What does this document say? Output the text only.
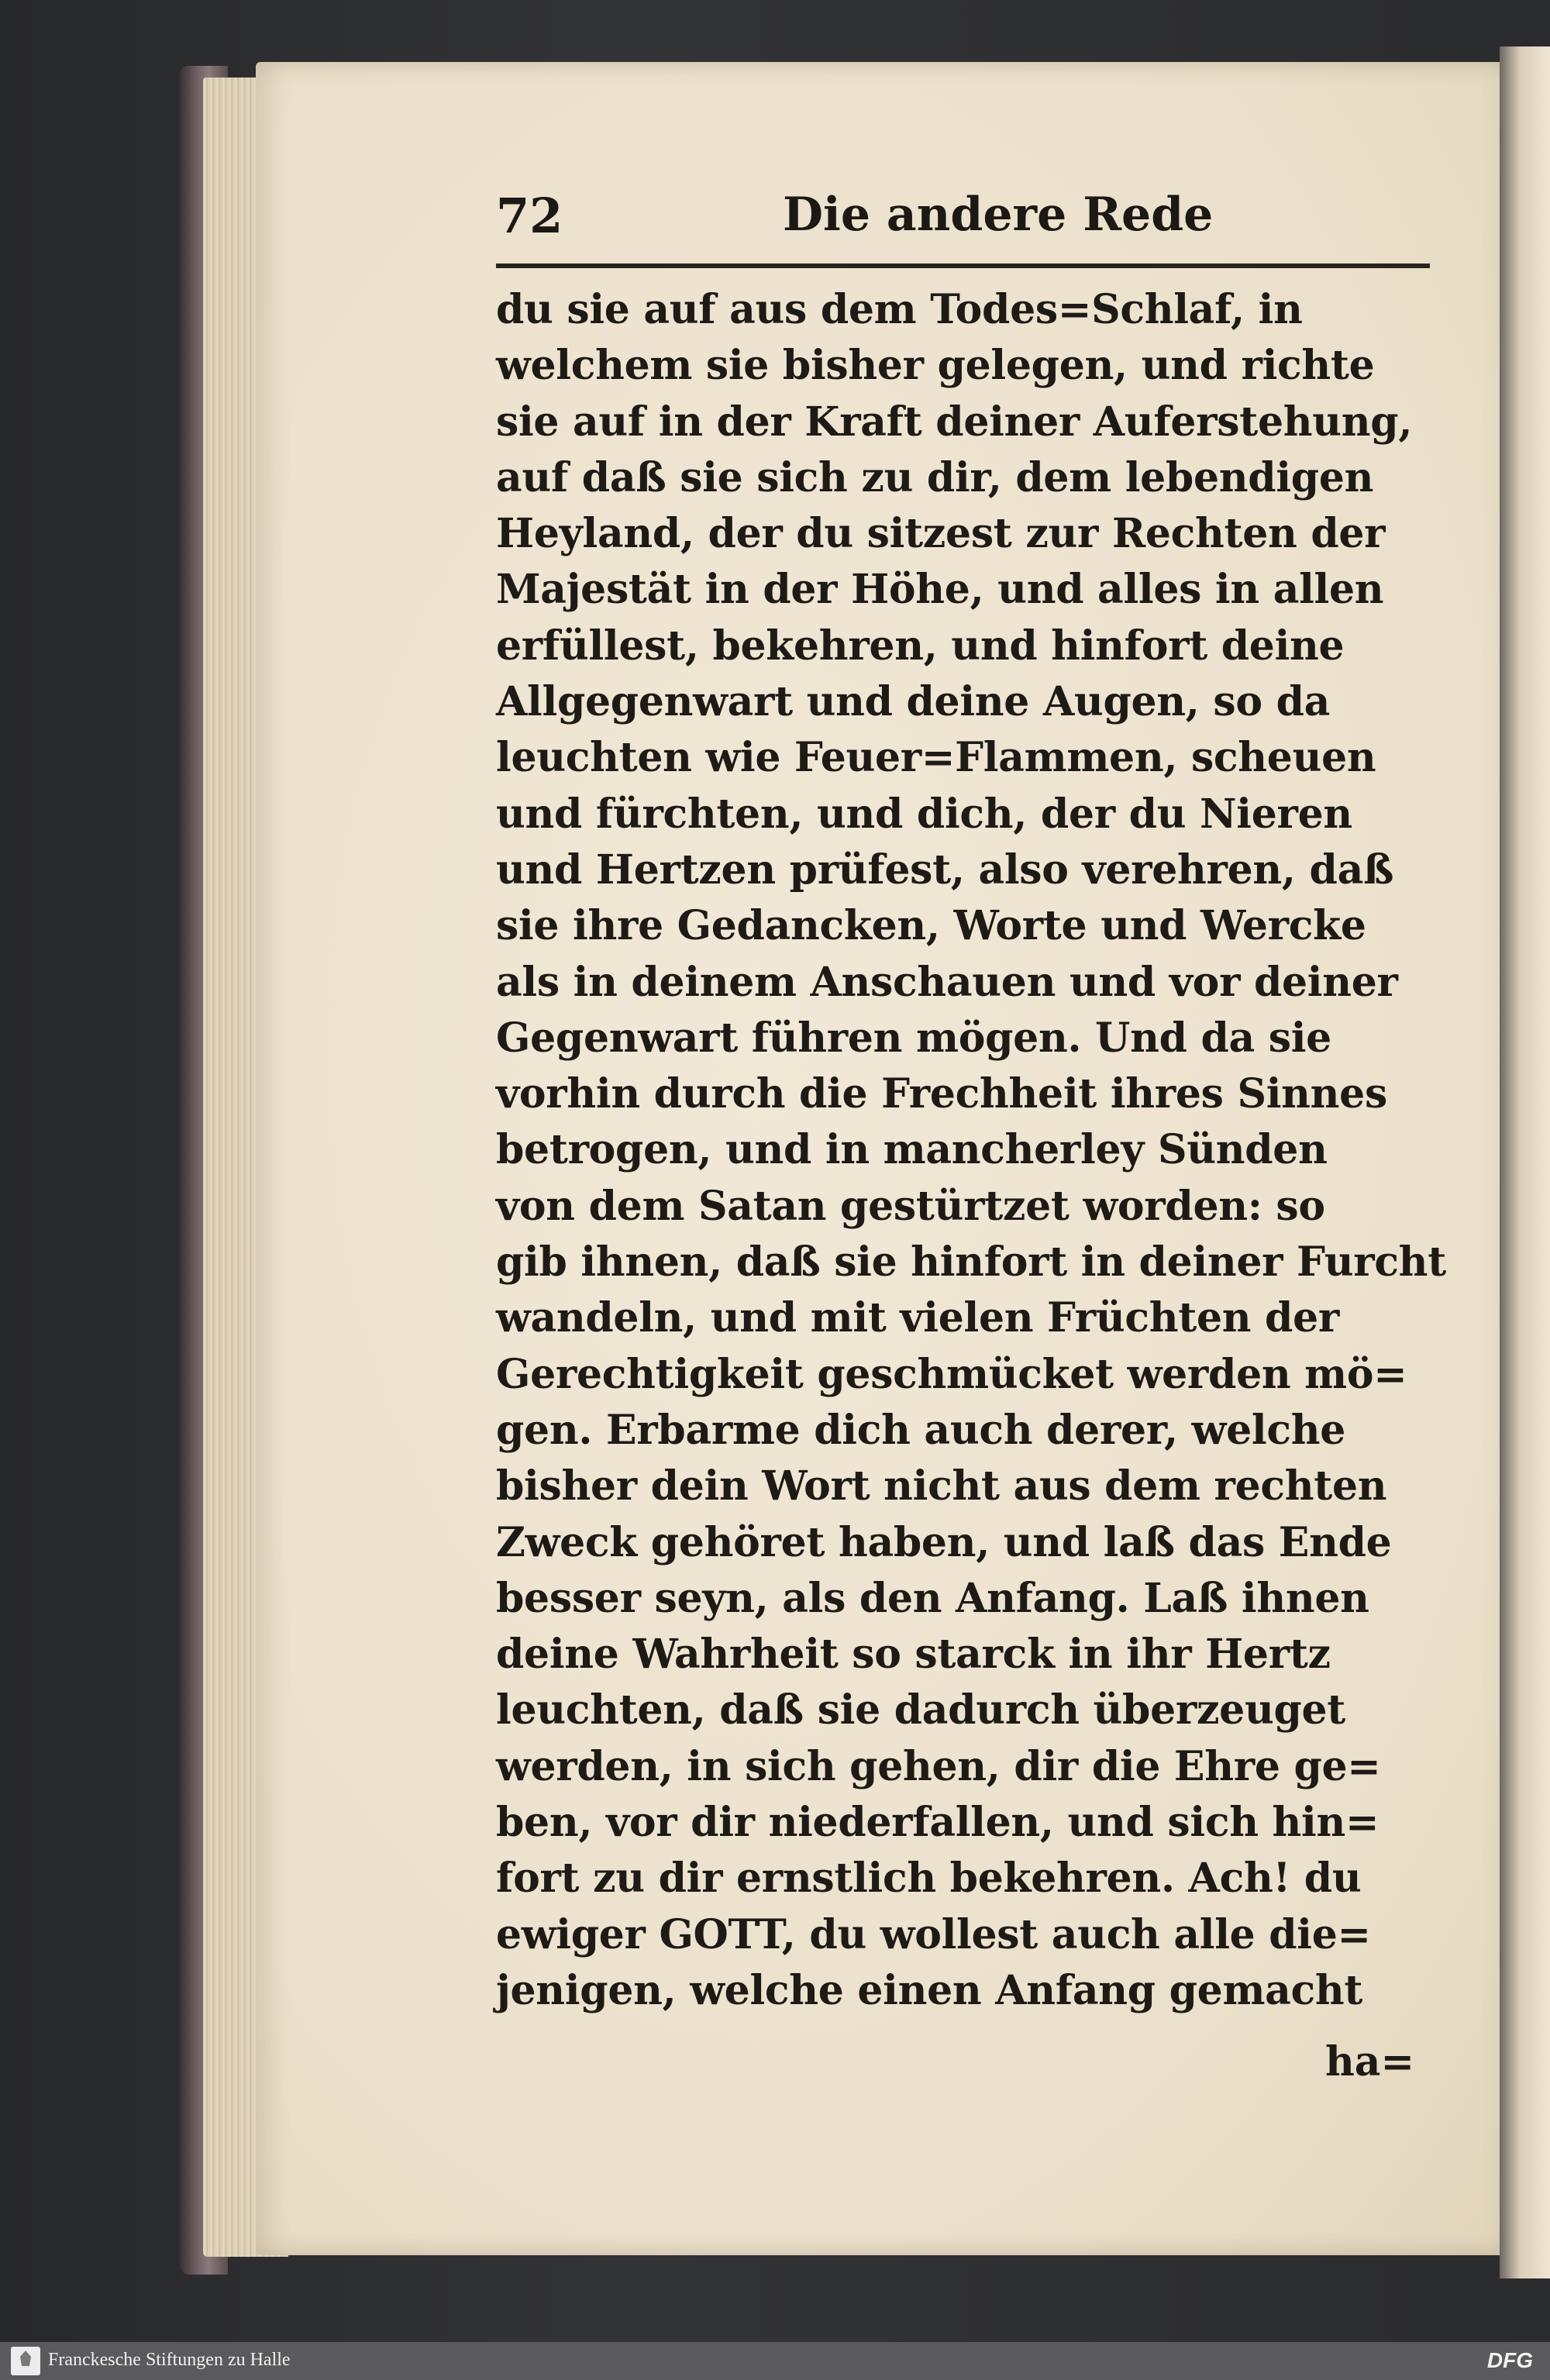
72	Die andere Rede
du sie auf aus dem Todes=Schlaf, in
welchem sie bisher gelegen, und richte
sie auf in der Kraft deiner Auferstehung,
auf daß sie sich zu dir, dem lebendigen
Heyland, der du sitzest zur Rechten der
Majestät in der Höhe, und alles in allen
erfüllest, bekehren, und hinfort deine
Allgegenwart und deine Augen, so da
leuchten wie Feuer=Flammen, scheuen
und fürchten, und dich, der du Nieren
und Hertzen prüfest, also verehren, daß
sie ihre Gedancken, Worte und Wercke
als in deinem Anschauen und vor deiner
Gegenwart führen mögen. Und da sie
vorhin durch die Frechheit ihres Sinnes
betrogen, und in mancherley Sünden
von dem Satan gestürtzet worden: so
gib ihnen, daß sie hinfort in deiner Furcht
wandeln, und mit vielen Früchten der
Gerechtigkeit geschmücket werden mö=
gen. Erbarme dich auch derer, welche
bisher dein Wort nicht aus dem rechten
Zweck gehöret haben, und laß das Ende
besser seyn, als den Anfang. Laß ihnen
deine Wahrheit so starck in ihr Hertz
leuchten, daß sie dadurch überzeuget
werden, in sich gehen, dir die Ehre ge=
ben, vor dir niederfallen, und sich hin=
fort zu dir ernstlich bekehren. Ach! du
ewiger GOTT, du wollest auch alle die=
jenigen, welche einen Anfang gemacht
ha=
Franckesche Stiftungen zu Halle	DFG
